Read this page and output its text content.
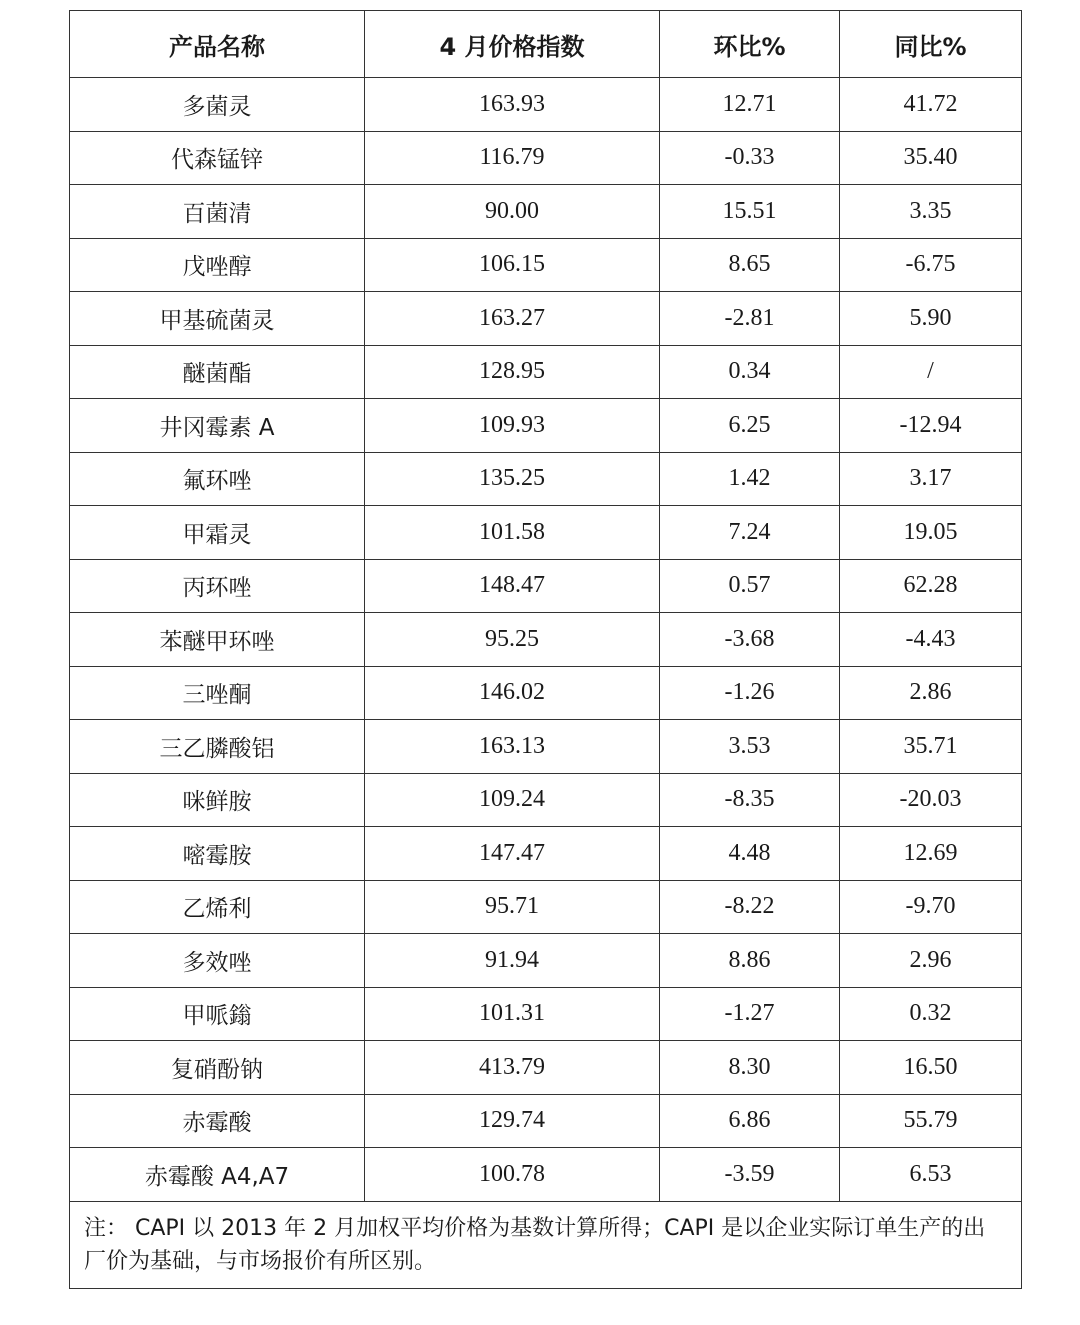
产品名称	4 月价格指数	环比%	同比%
多菌灵	163.93	12.71	41.72
代森锰锌	116.79	-0.33	35.40
百菌清	90.00	15.51	3.35
戊唑醇	106.15	8.65	-6.75
甲基硫菌灵	163.27	-2.81	5.90
醚菌酯	128.95	0.34	/
井冈霉素 A	109.93	6.25	-12.94
氟环唑	135.25	1.42	3.17
甲霜灵	101.58	7.24	19.05
丙环唑	148.47	0.57	62.28
苯醚甲环唑	95.25	-3.68	-4.43
三唑酮	146.02	-1.26	2.86
三乙膦酸铝	163.13	3.53	35.71
咪鲜胺	109.24	-8.35	-20.03
嘧霉胺	147.47	4.48	12.69
乙烯利	95.71	-8.22	-9.70
多效唑	91.94	8.86	2.96
甲哌鎓	101.31	-1.27	0.32
复硝酚钠	413.79	8.30	16.50
赤霉酸	129.74	6.86	55.79
赤霉酸 A4,A7	100.78	-3.59	6.53
注： CAPI 以 2013 年 2 月加权平均价格为基数计算所得；CAPI 是以企业实际订单生产的出厂价为基础，与市场报价有所区别。			
